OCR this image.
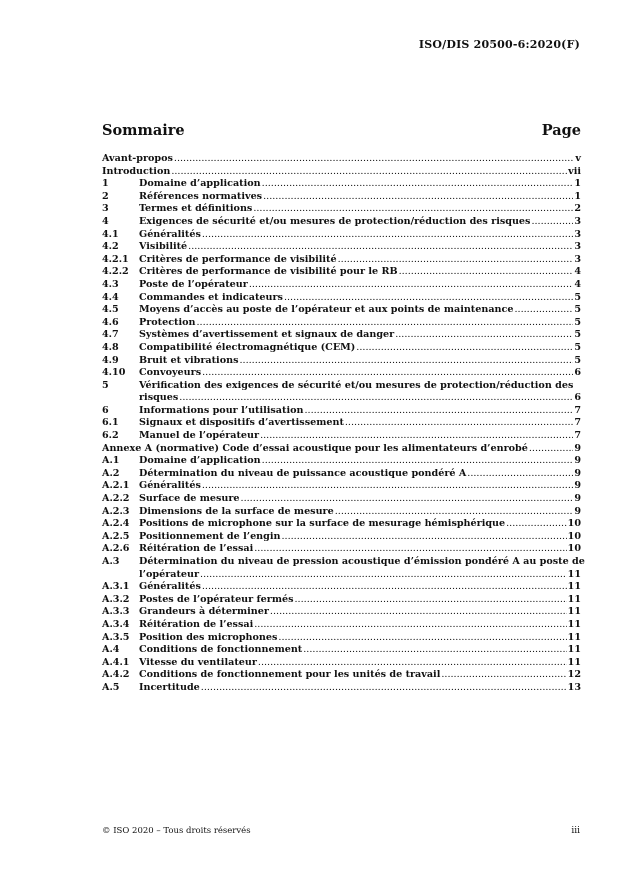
ISO/DIS 20500-6:2020(F)
Sommaire	Page
Avant-propos .....	v
Introduction .....	vii
1	Domaine d’application .....	1
2	Références normatives .....	1
3	Termes et définitions .....	2
4	Exigences de sécurité et/ou mesures de protection/réduction des risques .....	3
4.1	Généralités .....	3
4.2	Visibilité .....	3
4.2.1	Critères de performance de visibilité .....	3
4.2.2	Critères de performance de visibilité pour le RB .....	4
4.3	Poste de l’opérateur .....	4
4.4	Commandes et indicateurs .....	5
4.5	Moyens d’accès au poste de l’opérateur et aux points de maintenance .....	5
4.6	Protection .....	5
4.7	Systèmes d’avertissement et signaux de danger .....	5
4.8	Compatibilité électromagnétique (CEM) .....	5
4.9	Bruit et vibrations .....	5
4.10	Convoyeurs .....	6
5	Vérification des exigences de sécurité et/ou mesures de protection/réduction des
risques .....	6
6	Informations pour l’utilisation .....	7
6.1	Signaux et dispositifs d’avertissement .....	7
6.2	Manuel de l’opérateur .....	7
Annexe A (normative) Code d’essai acoustique pour les alimentateurs d’enrobé .....	9
A.1	Domaine d’application .....	9
A.2	Détermination du niveau de puissance acoustique pondéré A .....	9
A.2.1 Généralités .....	9
A.2.2 Surface de mesure .....	9
A.2.3 Dimensions de la surface de mesure .....	9
A.2.4 Positions de microphone sur la surface de mesurage hémisphérique .....	10
A.2.5 Positionnement de l’engin .....	10
A.2.6 Réitération de l’essai .....	10
A.3	Détermination du niveau de pression acoustique d’émission pondéré A au poste de
l’opérateur .....	11
A.3.1 Généralités .....	11
A.3.2 Postes de l’opérateur fermés .....	11
A.3.3 Grandeurs à déterminer .....	11
A.3.4 Réitération de l’essai .....	11
A.3.5 Position des microphones .....	11
A.4	Conditions de fonctionnement .....	11
A.4.1 Vitesse du ventilateur .....	11
A.4.2 Conditions de fonctionnement pour les unités de travail .....	12
A.5	Incertitude .....	13
© ISO 2020 – Tous droits réservés	iii
